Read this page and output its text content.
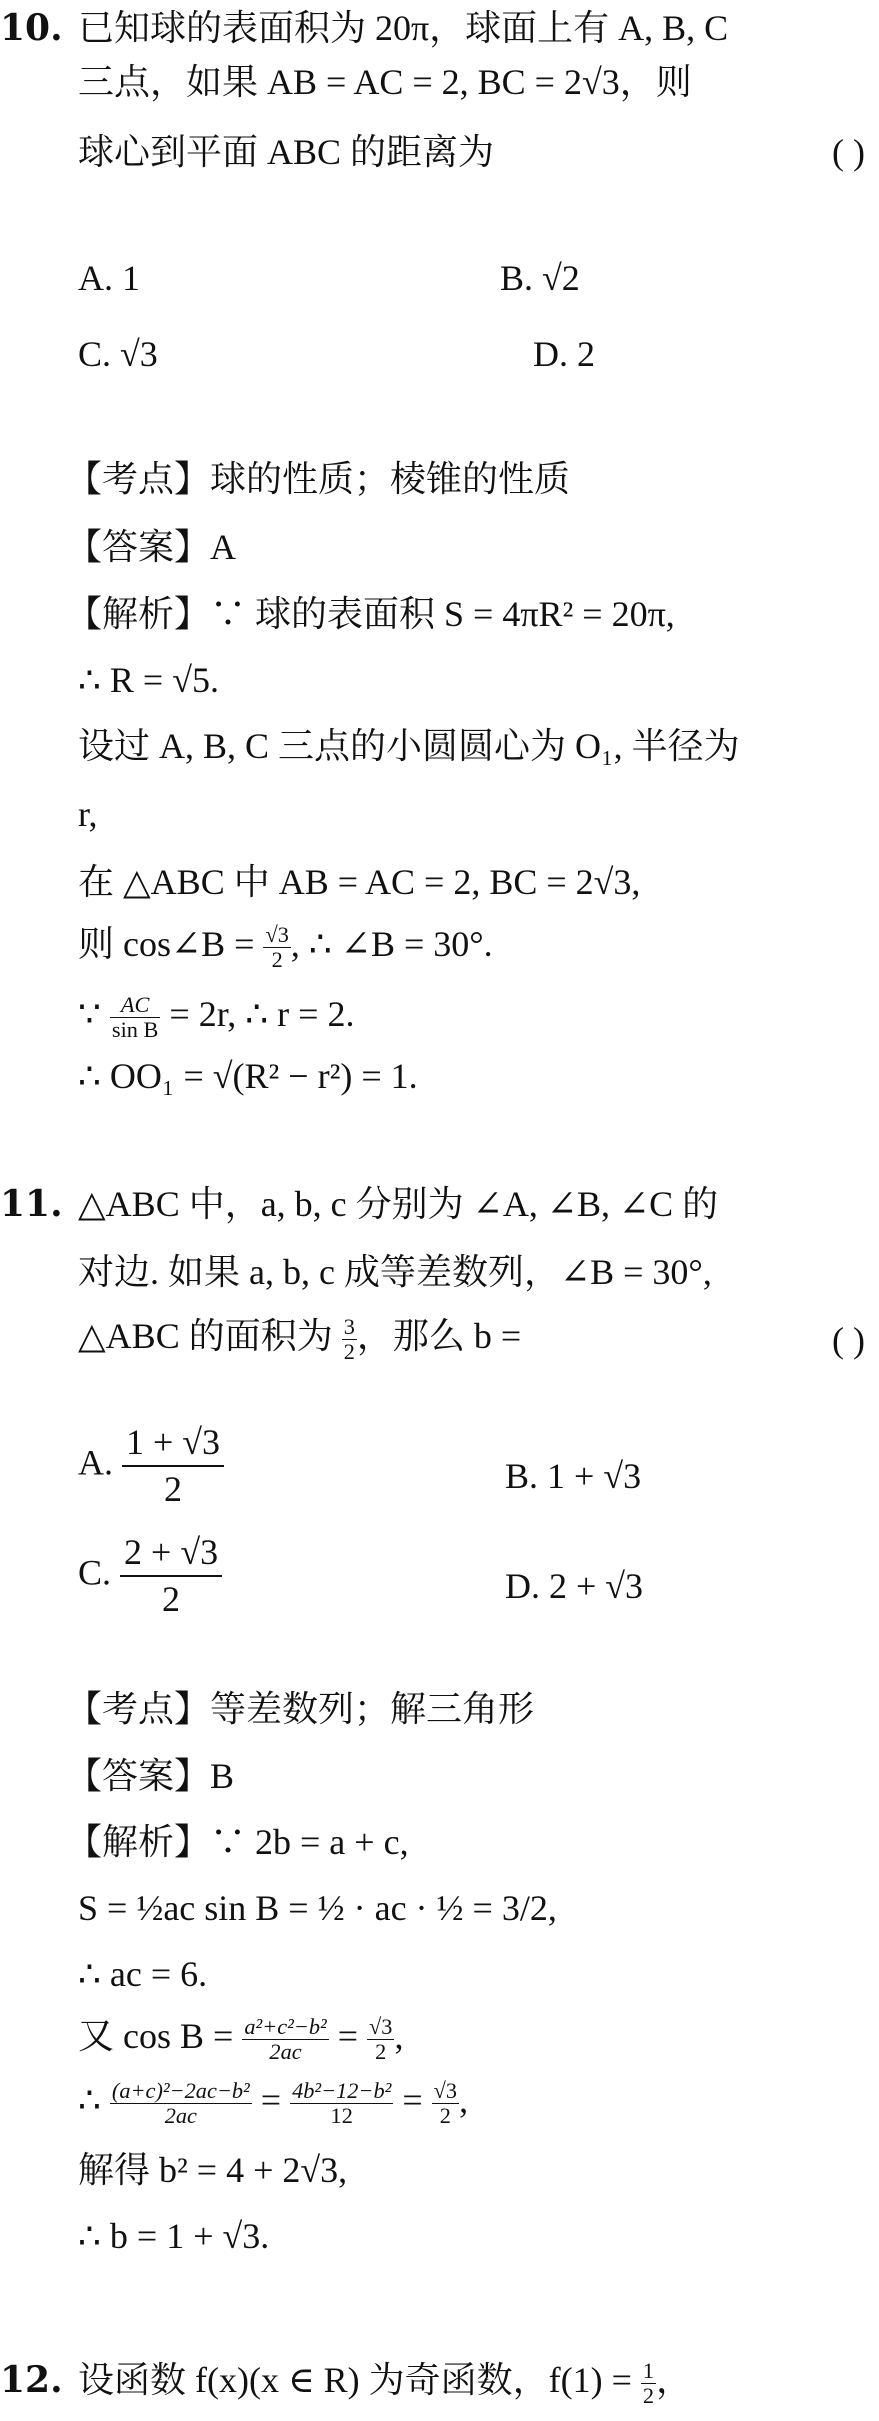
10. 已知球的表面积为 20π，球面上有 A, B, C
三点，如果 AB = AC = 2, BC = 2√3，则
球心到平面 ABC 的距离为	( )
A. 1	B. √2
C. √3	D. 2
【考点】球的性质；棱锥的性质
【答案】A
【解析】∵ 球的表面积 S = 4πR² = 20π,
∴ R = √5.
设过 A, B, C 三点的小圆圆心为 O₁, 半径为
r,
在 △ABC 中 AB = AC = 2, BC = 2√3,
则 cos∠B = $\frac{√3}{2}$ , ∴ ∠B = 30°.
∵ $\frac{AC}{\text{sin B}} = 2r$, ∴ r = 2.
∴ OO₁ = √(R² − r²) = 1.
11. △ABC 中，a, b, c 分别为 ∠A, ∠B, ∠C 的
对边. 如果 a, b, c 成等差数列，∠B = 30°,
△ABC 的面积为 $\frac{3}{2}$ ，那么 b =	( )
A. $\frac{1 + √3}{2}$	B. 1 + √3
C. $\frac{2 + √3}{2}$	D. 2 + √3
【考点】等差数列；解三角形
【答案】B
【解析】∵ 2b = a + c,
S = ½ac sin B = ½ · ac · ½ = 3/2,
∴ ac = 6.
又 $\cos B = \frac{\text{a²+c²−b²}}{2ac} = \frac{√3}{2}$ ,
∴ $\frac{\text{(a+c)²−2ac−b²}}{2ac} = \frac{\text{4b²−12−b²}}{12} = \frac{√3}{2}$ ,
解得 b² = 4 + 2√3,
∴ b = 1 + √3.
12. 设函数 f(x)(x ∈ R) 为奇函数，$f(1) = \frac{1}{2}$ ，
